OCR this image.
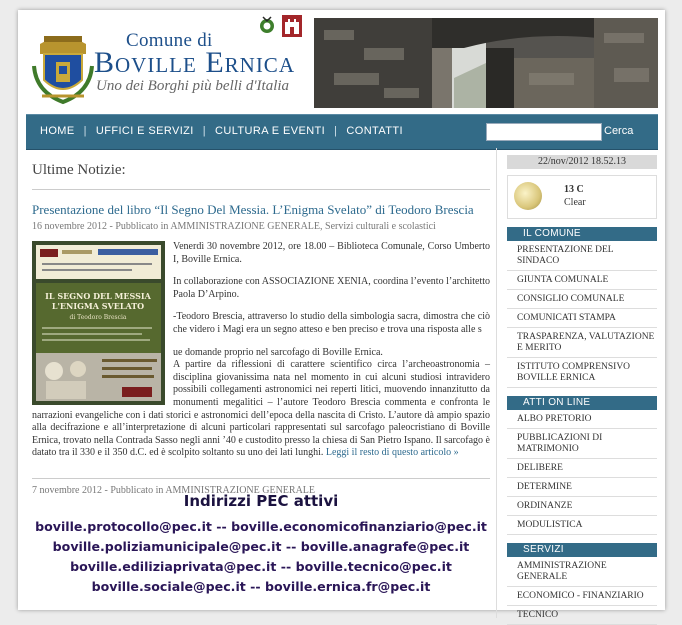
Comune di
Boville Ernica
Uno dei Borghi più belli d'Italia
HOME | UFFICI E SERVIZI | CULTURA E EVENTI | CONTATTI	Cerca
Ultime Notizie:
Presentazione del libro “Il Segno Del Messia. L’Enigma Svelato” di Teodoro Brescia
16 novembre 2012 - Pubblicato in AMMINISTRAZIONE GENERALE, Servizi culturali e scolastici
IL SEGNO DEL MESSIA
L'ENIGMA SVELATO
di Teodoro Brescia

Venerdì 30 novembre 2012, ore 18.00 – Biblioteca Comunale, Corso Umberto I, Boville Ernica.

In collaborazione con ASSOCIAZIONE XENIA, coordina l’evento l’architetto Paola D’Arpino.

-Teodoro Brescia, attraverso lo studio della simbologia sacra, dimostra che ciò che videro i Magi era un segno atteso e ben preciso e trova una risposta alle s

ue domande proprio nel sarcofago di Boville Ernica.

A partire da riflessioni di carattere scientifico circa l’archeoastronomia – disciplina giovanissima nata nel momento in cui alcuni studiosi intravidero possibili collegamenti astronomici nei reperti litici, muovendo innanzitutto da monumenti megalitici – l’autore Teodoro Brescia commenta e confronta le narrazioni evangeliche con i dati storici e astronomici dell’epoca della nascita di Cristo. L’autore dà ampio spazio alla decifrazione e all’interpretazione di alcuni particolari rappresentati sul sarcofago paleocristiano di Boville Ernica, trovato nella Contrada Sasso negli anni ’40 e custodito presso la chiesa di San Pietro Ispano. Il sarcofago è datato tra il 330 e il 350 d.C. ed è scolpito soltanto su uno dei lati lunghi. Leggi il resto di questo articolo »

7 novembre 2012 - Pubblicato in AMMINISTRAZIONE GENERALE
Indirizzi PEC attivi
boville.protocollo@pec.it -- boville.economicofinanziario@pec.it
boville.poliziamunicipale@pec.it -- boville.anagrafe@pec.it
boville.ediliziaprivata@pec.it -- boville.tecnico@pec.it
boville.sociale@pec.it -- boville.ernica.fr@pec.it
22/nov/2012 18.52.13
13 C
Clear
IL COMUNE
PRESENTAZIONE DEL SINDACO
GIUNTA COMUNALE
CONSIGLIO COMUNALE
COMUNICATI STAMPA
TRASPARENZA, VALUTAZIONE E MERITO
ISTITUTO COMPRENSIVO BOVILLE ERNICA
ATTI ON LINE
ALBO PRETORIO
PUBBLICAZIONI DI MATRIMONIO
DELIBERE
DETERMINE
ORDINANZE
MODULISTICA
SERVIZI
AMMINISTRAZIONE GENERALE
ECONOMICO - FINANZIARIO
TECNICO
